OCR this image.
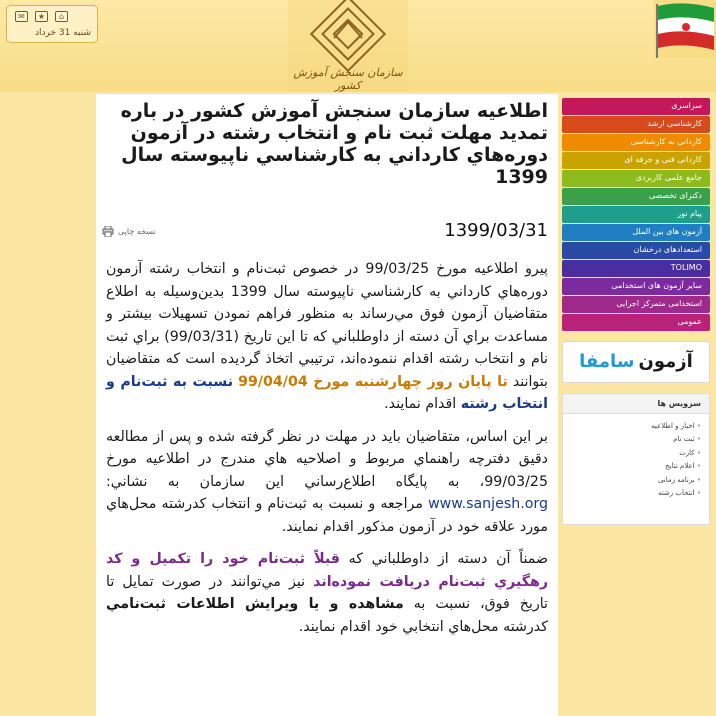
✉	★	⌂
شنبه 31 خرداد
سازمان سنجش آموزش کشور
اطلاعيه سازمان سنجش آموزش كشور در باره تمديد مهلت ثبت نام و انتخاب رشته در آزمون دوره‌هاي كارداني به كارشناسي ناپيوسته سال 1399
نسخه چاپی	1399/03/31

پيرو اطلاعيه مورخ 99/03/25 در خصوص ثبت‌نام و انتخاب رشته آزمون دوره‌هاي كارداني به كارشناسي ناپيوسته سال 1399 بدين‌وسيله به اطلاع متقاضيان آزمون فوق مي‌رساند به منظور فراهم نمودن تسهيلات بيشتر و مساعدت براي آن دسته از داوطلباني كه تا اين تاريخ (99/03/31) براي ثبت نام و انتخاب رشته اقدام ننموده‌اند، ترتيبي اتخاذ گرديده است كه متقاضيان بتوانند تا پايان روز چهارشنبه مورخ 99/04/04 نسبت به ثبت‌نام و انتخاب رشته اقدام نمايند.

بر اين اساس، متقاضيان بايد در مهلت در نظر گرفته شده و پس از مطالعه دقيق دفترچه راهنماي مربوط و اصلاحيه هاي مندرج در اطلاعيه مورخ 99/03/25، به پايگاه اطلاع‌رساني اين سازمان به نشاني: www.sanjesh.org مراجعه و نسبت به ثبت‌نام و انتخاب كدرشته محل‌هاي مورد علاقه خود در آزمون مذكور اقدام نمايند.

ضمناً آن دسته از داوطلباني كه قبلاً ثبت‌نام خود را تكميل و كد رهگيري ثبت‌نام دريافت نموده‌اند نيز مي‌توانند در صورت تمايل تا تاريخ فوق، نسبت به مشاهده و يا ويرايش اطلاعات ثبت‌نامي كدرشته محل‌هاي انتخابي خود اقدام نمايند.

سراسری
کارشناسی ارشد
کاردانی به کارشناسی
کاردانی فنی و حرفه ای
جامع علمی کاربردی
دکترای تخصصی
پیام نور
آزمون های بین الملل
استعدادهای درخشان
TOLIMO
سایر آزمون های استخدامی
استخدامی متمرکز اجرایی
عمومی
آزمون
سامفا
سرویس ها
• اخبار و اطلاعیه
• ثبت نام
• کارت
• اعلام نتایج
• برنامه زمانی
• انتخاب رشته
